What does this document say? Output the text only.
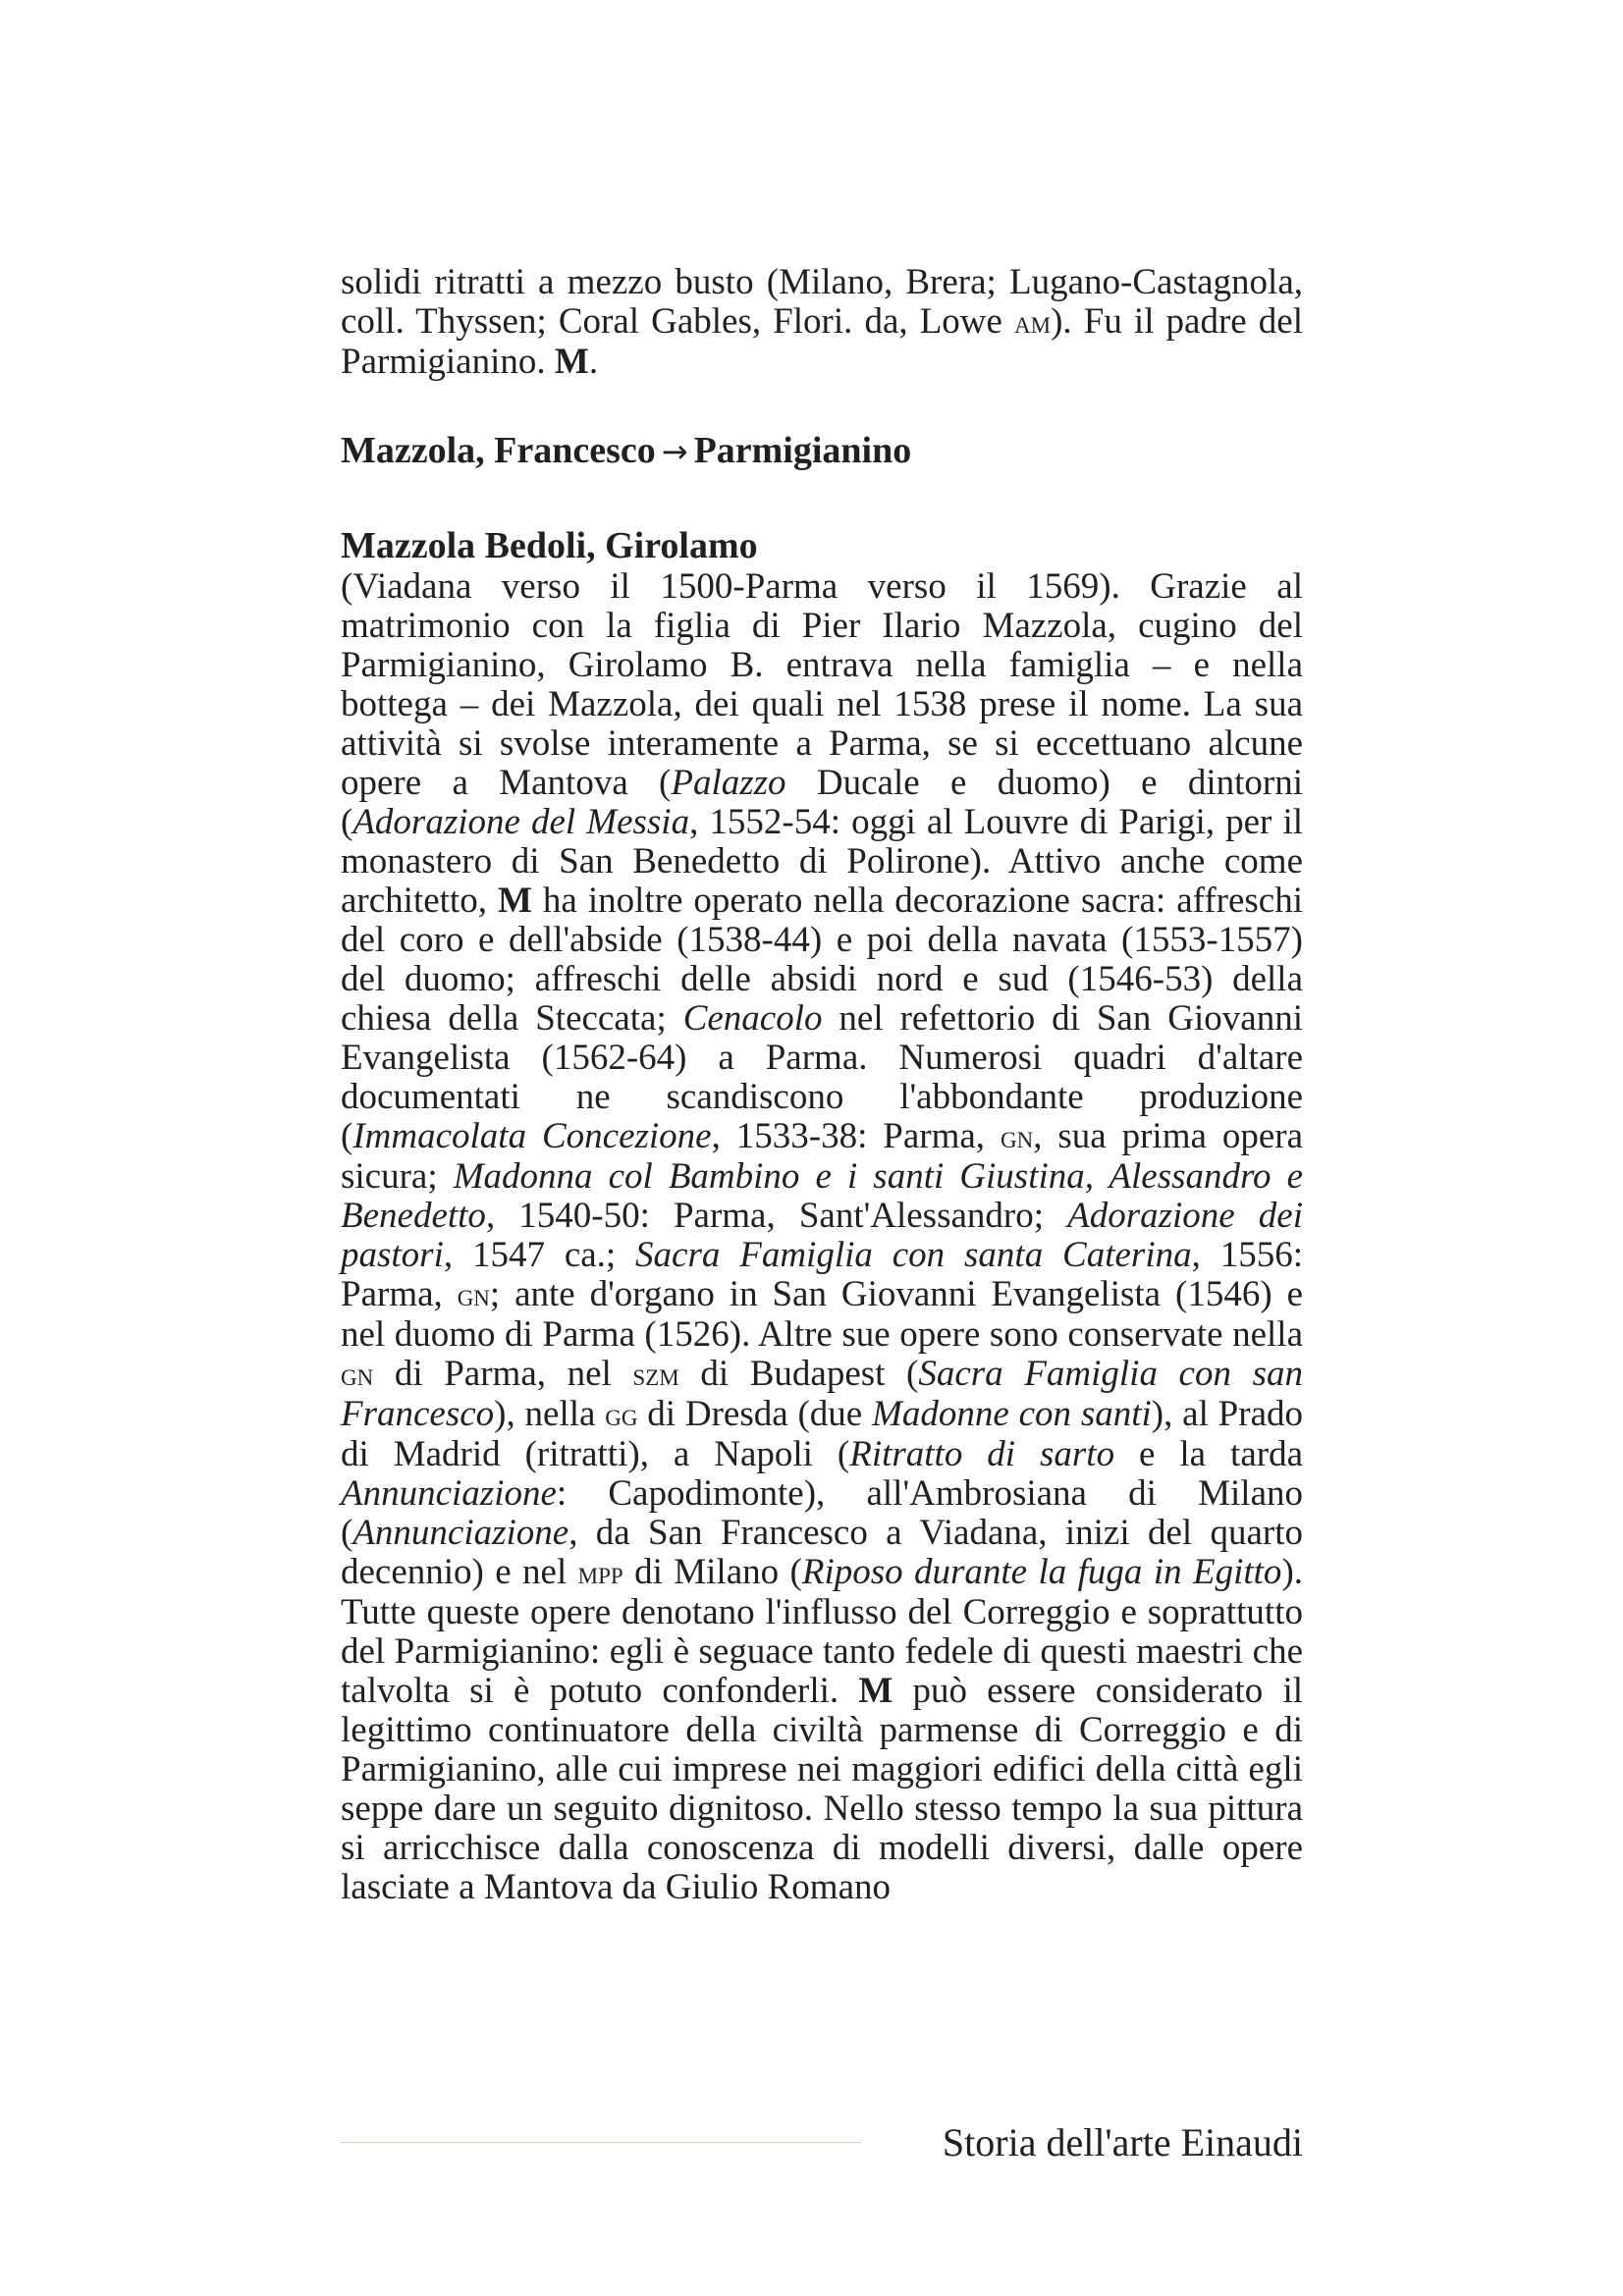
solidi ritratti a mezzo busto (Milano, Brera; Lugano-Castagnola, coll. Thyssen; Coral Gables, Flori. da, Lowe am). Fu il padre del Parmigianino. M.

Mazzola, Francesco → Parmigianino

Mazzola Bedoli, Girolamo

(Viadana verso il 1500-Parma verso il 1569). Grazie al matrimonio con la figlia di Pier Ilario Mazzola, cugino del Parmigianino, Girolamo B. entrava nella famiglia – e nella bottega – dei Mazzola, dei quali nel 1538 prese il nome. La sua attività si svolse interamente a Parma, se si eccettuano alcune opere a Mantova (Palazzo Ducale e duomo) e dintorni (Adorazione del Messia, 1552-54: oggi al Louvre di Parigi, per il monastero di San Benedetto di Polirone). Attivo anche come architetto, M ha inoltre operato nella decorazione sacra: affreschi del coro e dell'abside (1538-44) e poi della navata (1553-1557) del duomo; affreschi delle absidi nord e sud (1546-53) della chiesa della Steccata; Cenacolo nel refettorio di San Giovanni Evangelista (1562-64) a Parma. Numerosi quadri d'altare documentati ne scandiscono l'abbondante produzione (Immacolata Concezione, 1533-38: Parma, gn, sua prima opera sicura; Madonna col Bambino e i santi Giustina, Alessandro e Benedetto, 1540-50: Parma, Sant'Alessandro; Adorazione dei pastori, 1547 ca.; Sacra Famiglia con santa Caterina, 1556: Parma, gn; ante d'organo in San Giovanni Evangelista (1546) e nel duomo di Parma (1526). Altre sue opere sono conservate nella gn di Parma, nel szm di Budapest (Sacra Famiglia con san Francesco), nella gg di Dresda (due Madonne con santi), al Prado di Madrid (ritratti), a Napoli (Ritratto di sarto e la tarda Annunciazione: Capodimonte), all'Ambrosiana di Milano (Annunciazione, da San Francesco a Viadana, inizi del quarto decennio) e nel mpp di Milano (Riposo durante la fuga in Egitto). Tutte queste opere denotano l'influsso del Correggio e soprattutto del Parmigianino: egli è seguace tanto fedele di questi maestri che talvolta si è potuto confonderli. M può essere considerato il legittimo continuatore della civiltà parmense di Correggio e di Parmigianino, alle cui imprese nei maggiori edifici della città egli seppe dare un seguito dignitoso. Nello stesso tempo la sua pittura si arricchisce dalla conoscenza di modelli diversi, dalle opere lasciate a Mantova da Giulio Romano

Storia dell'arte Einaudi
